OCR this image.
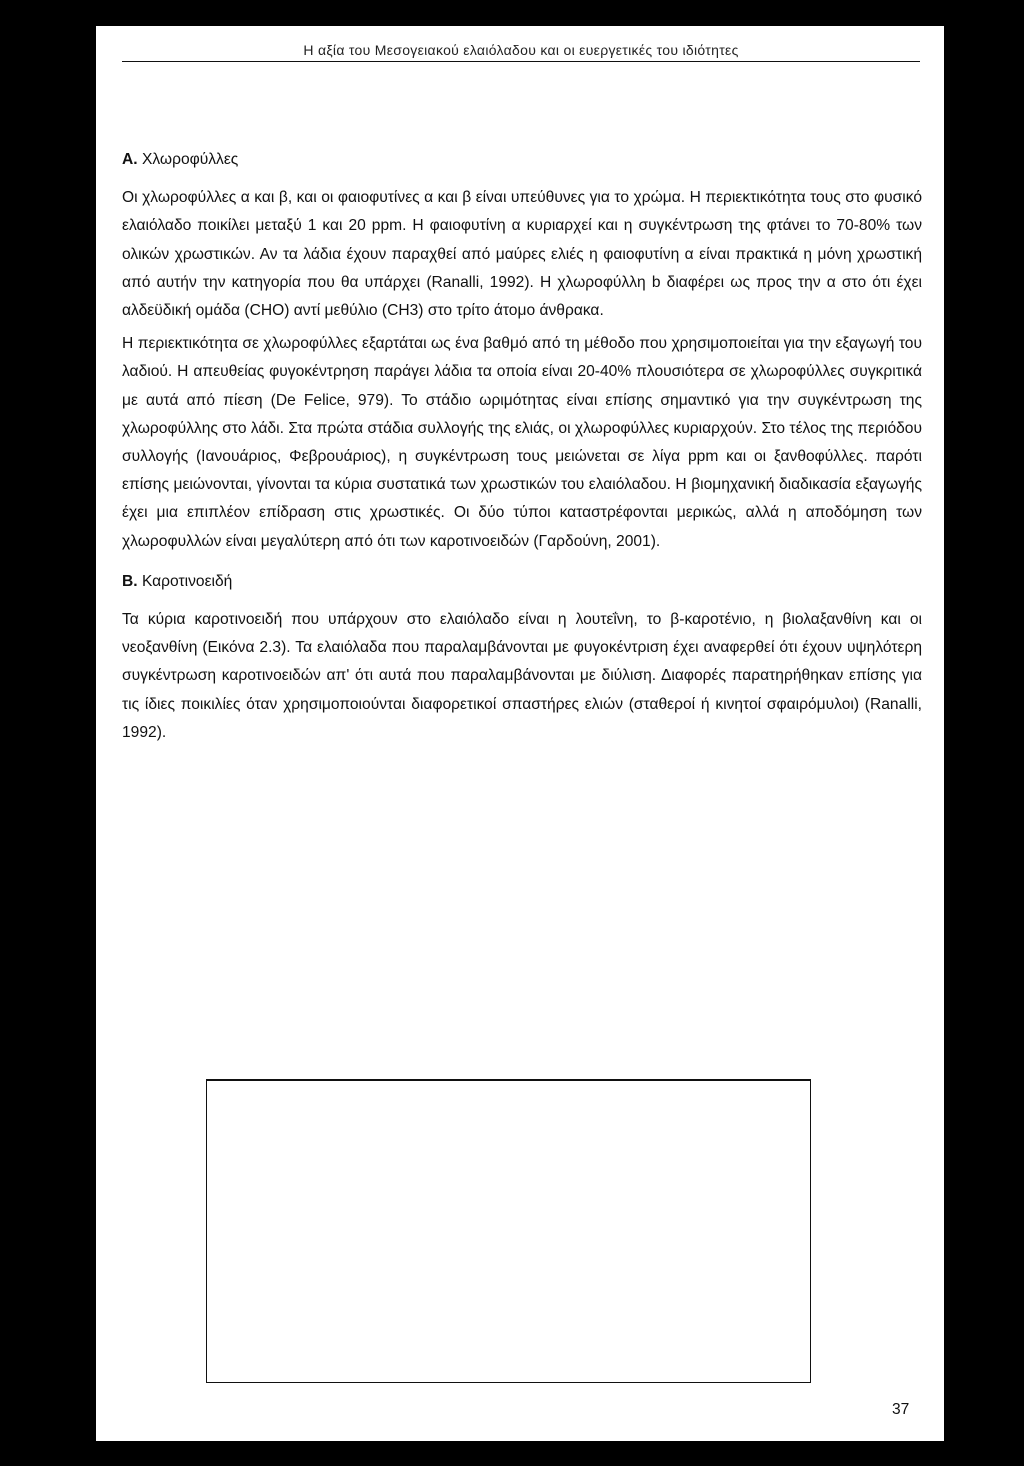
Η αξία του Μεσογειακού ελαιόλαδου και οι ευεργετικές του ιδιότητες
Α. Χλωροφύλλες

Οι χλωροφύλλες α και β, και οι φαιοφυτίνες α και β είναι υπεύθυνες για το χρώμα. Η περιεκτικότητα τους στο φυσικό ελαιόλαδο ποικίλει μεταξύ 1 και 20 ppm. Η φαιοφυτίνη α κυριαρχεί και η συγκέντρωση της φτάνει το 70-80% των ολικών χρωστικών. Αν τα λάδια έχουν παραχθεί από μαύρες ελιές η φαιοφυτίνη α είναι πρακτικά η μόνη χρωστική από αυτήν την κατηγορία που θα υπάρχει (Ranalli, 1992). Η χλωροφύλλη b διαφέρει ως προς την α στο ότι έχει αλδεϋδική ομάδα (CHO) αντί μεθύλιο (CH3) στο τρίτο άτομο άνθρακα.

Η περιεκτικότητα σε χλωροφύλλες εξαρτάται ως ένα βαθμό από τη μέθοδο που χρησιμοποιείται για την εξαγωγή του λαδιού. Η απευθείας φυγοκέντρηση παράγει λάδια τα οποία είναι 20-40% πλουσιότερα σε χλωροφύλλες συγκριτικά με αυτά από πίεση (De Felice, 979). Το στάδιο ωριμότητας είναι επίσης σημαντικό για την συγκέντρωση της χλωροφύλλης στο λάδι. Στα πρώτα στάδια συλλογής της ελιάς, οι χλωροφύλλες κυριαρχούν. Στο τέλος της περιόδου συλλογής (Ιανουάριος, Φεβρουάριος), η συγκέντρωση τους μειώνεται σε λίγα ppm και οι ξανθοφύλλες. παρότι επίσης μειώνονται, γίνονται τα κύρια συστατικά των χρωστικών του ελαιόλαδου. Η βιομηχανική διαδικασία εξαγωγής έχει μια επιπλέον επίδραση στις χρωστικές. Οι δύο τύποι καταστρέφονται μερικώς, αλλά η αποδόμηση των χλωροφυλλών είναι μεγαλύτερη από ότι των καροτινοειδών (Γαρδούνη, 2001).

Β. Καροτινοειδή

Τα κύρια καροτινοειδή που υπάρχουν στο ελαιόλαδο είναι η λουτεΐνη, το β-καροτένιο, η βιολαξανθίνη και οι νεοξανθίνη (Εικόνα 2.3). Τα ελαιόλαδα που παραλαμβάνονται με φυγοκέντριση έχει αναφερθεί ότι έχουν υψηλότερη συγκέντρωση καροτινοειδών απ' ότι αυτά που παραλαμβάνονται με διύλιση. Διαφορές παρατηρήθηκαν επίσης για τις ίδιες ποικιλίες όταν χρησιμοποιούνται διαφορετικοί σπαστήρες ελιών (σταθεροί ή κινητοί σφαιρόμυλοι) (Ranalli, 1992).

37
